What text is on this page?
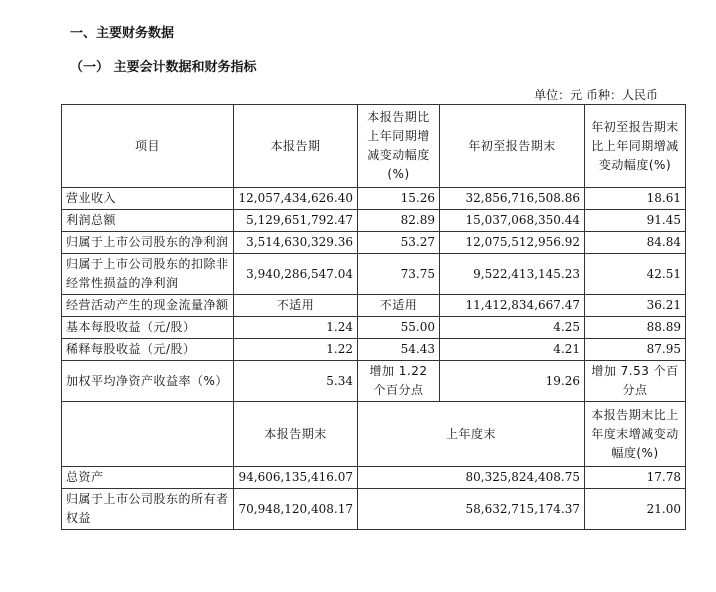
一、主要财务数据
（一） 主要会计数据和财务指标
单位：元 币种：人民币
项目	本报告期	本报告期比上年同期增减变动幅度(%)	年初至报告期末	年初至报告期末比上年同期增减变动幅度(%)
营业收入	12,057,434,626.40	15.26	32,856,716,508.86	18.61
利润总额	5,129,651,792.47	82.89	15,037,068,350.44	91.45
归属于上市公司股东的净利润	3,514,630,329.36	53.27	12,075,512,956.92	84.84
归属于上市公司股东的扣除非经常性损益的净利润	3,940,286,547.04	73.75	9,522,413,145.23	42.51
经营活动产生的现金流量净额	不适用	不适用	11,412,834,667.47	36.21
基本每股收益（元/股）	1.24	55.00	4.25	88.89
稀释每股收益（元/股）	1.22	54.43	4.21	87.95
加权平均净资产收益率（%）	5.34	增加 1.22 个百分点	19.26	增加 7.53 个百分点
	本报告期末	上年度末		本报告期末比上年度末增减变动幅度(%)
总资产	94,606,135,416.07	80,325,824,408.75		17.78
归属于上市公司股东的所有者权益	70,948,120,408.17	58,632,715,174.37		21.00
